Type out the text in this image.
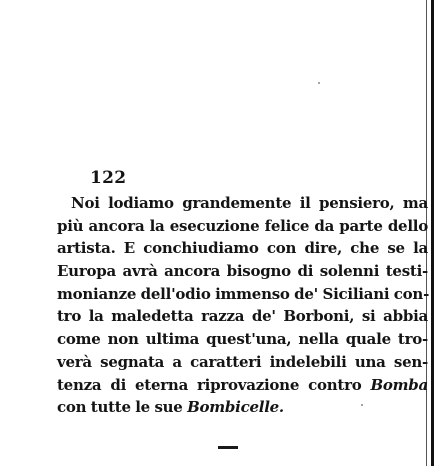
122

Noi lodiamo grandemente il pensiero, ma
più ancora la esecuzione felice da parte dello
artista. E conchiudiamo con dire, che se la
Europa avrà ancora bisogno di solenni testi-
monianze dell'odio immenso de' Siciliani con-
tro la maledetta razza de' Borboni, si abbia
come non ultima quest'una, nella quale tro-
verà segnata a caratteri indelebili una sen-
tenza di eterna riprovazione contro Bomba
con tutte le sue Bombicelle.
